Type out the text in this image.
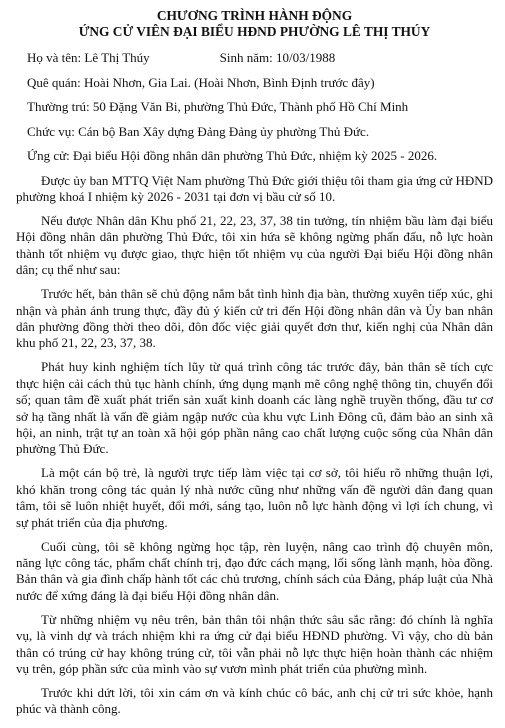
CHƯƠNG TRÌNH HÀNH ĐỘNG
ỨNG CỬ VIÊN ĐẠI BIỂU HĐND PHƯỜNG LÊ THỊ THÚY
Họ và tên: Lê Thị Thúy	Sinh năm: 10/03/1988
Quê quán: Hoài Nhơn, Gia Lai. (Hoài Nhơn, Bình Định trước đây)
Thường trú: 50 Đặng Văn Bi, phường Thủ Đức, Thành phố Hồ Chí Minh
Chức vụ: Cán bộ Ban Xây dựng Đảng Đảng ủy phường Thủ Đức.
Ứng cử: Đại biểu Hội đồng nhân dân phường Thủ Đức, nhiệm kỳ 2025 - 2026.

Được ủy ban MTTQ Việt Nam phường Thủ Đức giới thiệu tôi tham gia ứng cử HĐND phường khoá I nhiệm kỳ 2026 - 2031 tại đơn vị bầu cử số 10.

Nếu được Nhân dân Khu phố 21, 22, 23, 37, 38 tin tưởng, tín nhiệm bầu làm đại biểu Hội đồng nhân dân phường Thủ Đức, tôi xin hứa sẽ không ngừng phấn đấu, nỗ lực hoàn thành tốt nhiệm vụ được giao, thực hiện tốt nhiệm vụ của người Đại biểu Hội đồng nhân dân; cụ thể như sau:

Trước hết, bản thân sẽ chủ động nắm bắt tình hình địa bàn, thường xuyên tiếp xúc, ghi nhận và phản ánh trung thực, đầy đủ ý kiến cử tri đến Hội đồng nhân dân và Ủy ban nhân dân phường đồng thời theo dõi, đôn đốc việc giải quyết đơn thư, kiến nghị của Nhân dân khu phố 21, 22, 23, 37, 38.

Phát huy kinh nghiệm tích lũy từ quá trình công tác trước đây, bản thân sẽ tích cực thực hiện cải cách thủ tục hành chính, ứng dụng mạnh mẽ công nghệ thông tin, chuyển đổi số; quan tâm đề xuất phát triển sản xuất kinh doanh các làng nghề truyền thống, đầu tư cơ sở hạ tầng nhất là vấn đề giảm ngập nước của khu vực Linh Đông cũ, đảm bảo an sinh xã hội, an ninh, trật tự an toàn xã hội góp phần nâng cao chất lượng cuộc sống của Nhân dân phường Thủ Đức.

Là một cán bộ trẻ, là người trực tiếp làm việc tại cơ sở, tôi hiểu rõ những thuận lợi, khó khăn trong công tác quản lý nhà nước cũng như những vấn đề người dân đang quan tâm, tôi sẽ luôn nhiệt huyết, đổi mới, sáng tạo, luôn nỗ lực hành động vì lợi ích chung, vì sự phát triển của địa phương.

Cuối cùng, tôi sẽ không ngừng học tập, rèn luyện, nâng cao trình độ chuyên môn, năng lực công tác, phẩm chất chính trị, đạo đức cách mạng, lối sống lành mạnh, hòa đồng. Bản thân và gia đình chấp hành tốt các chủ trương, chính sách của Đảng, pháp luật của Nhà nước để xứng đáng là đại biểu Hội đồng nhân dân.

Từ những nhiệm vụ nêu trên, bản thân tôi nhận thức sâu sắc rằng: đó chính là nghĩa vụ, là vinh dự và trách nhiệm khi ra ứng cử đại biểu HĐND phường. Vì vậy, cho dù bản thân có trúng cử hay không trúng cử, tôi vẫn phải nỗ lực thực hiện hoàn thành các nhiệm vụ trên, góp phần sức của mình vào sự vươn mình phát triển của phường mình.

Trước khi dứt lời, tôi xin cám ơn và kính chúc cô bác, anh chị cử tri sức khỏe, hạnh phúc và thành công.
